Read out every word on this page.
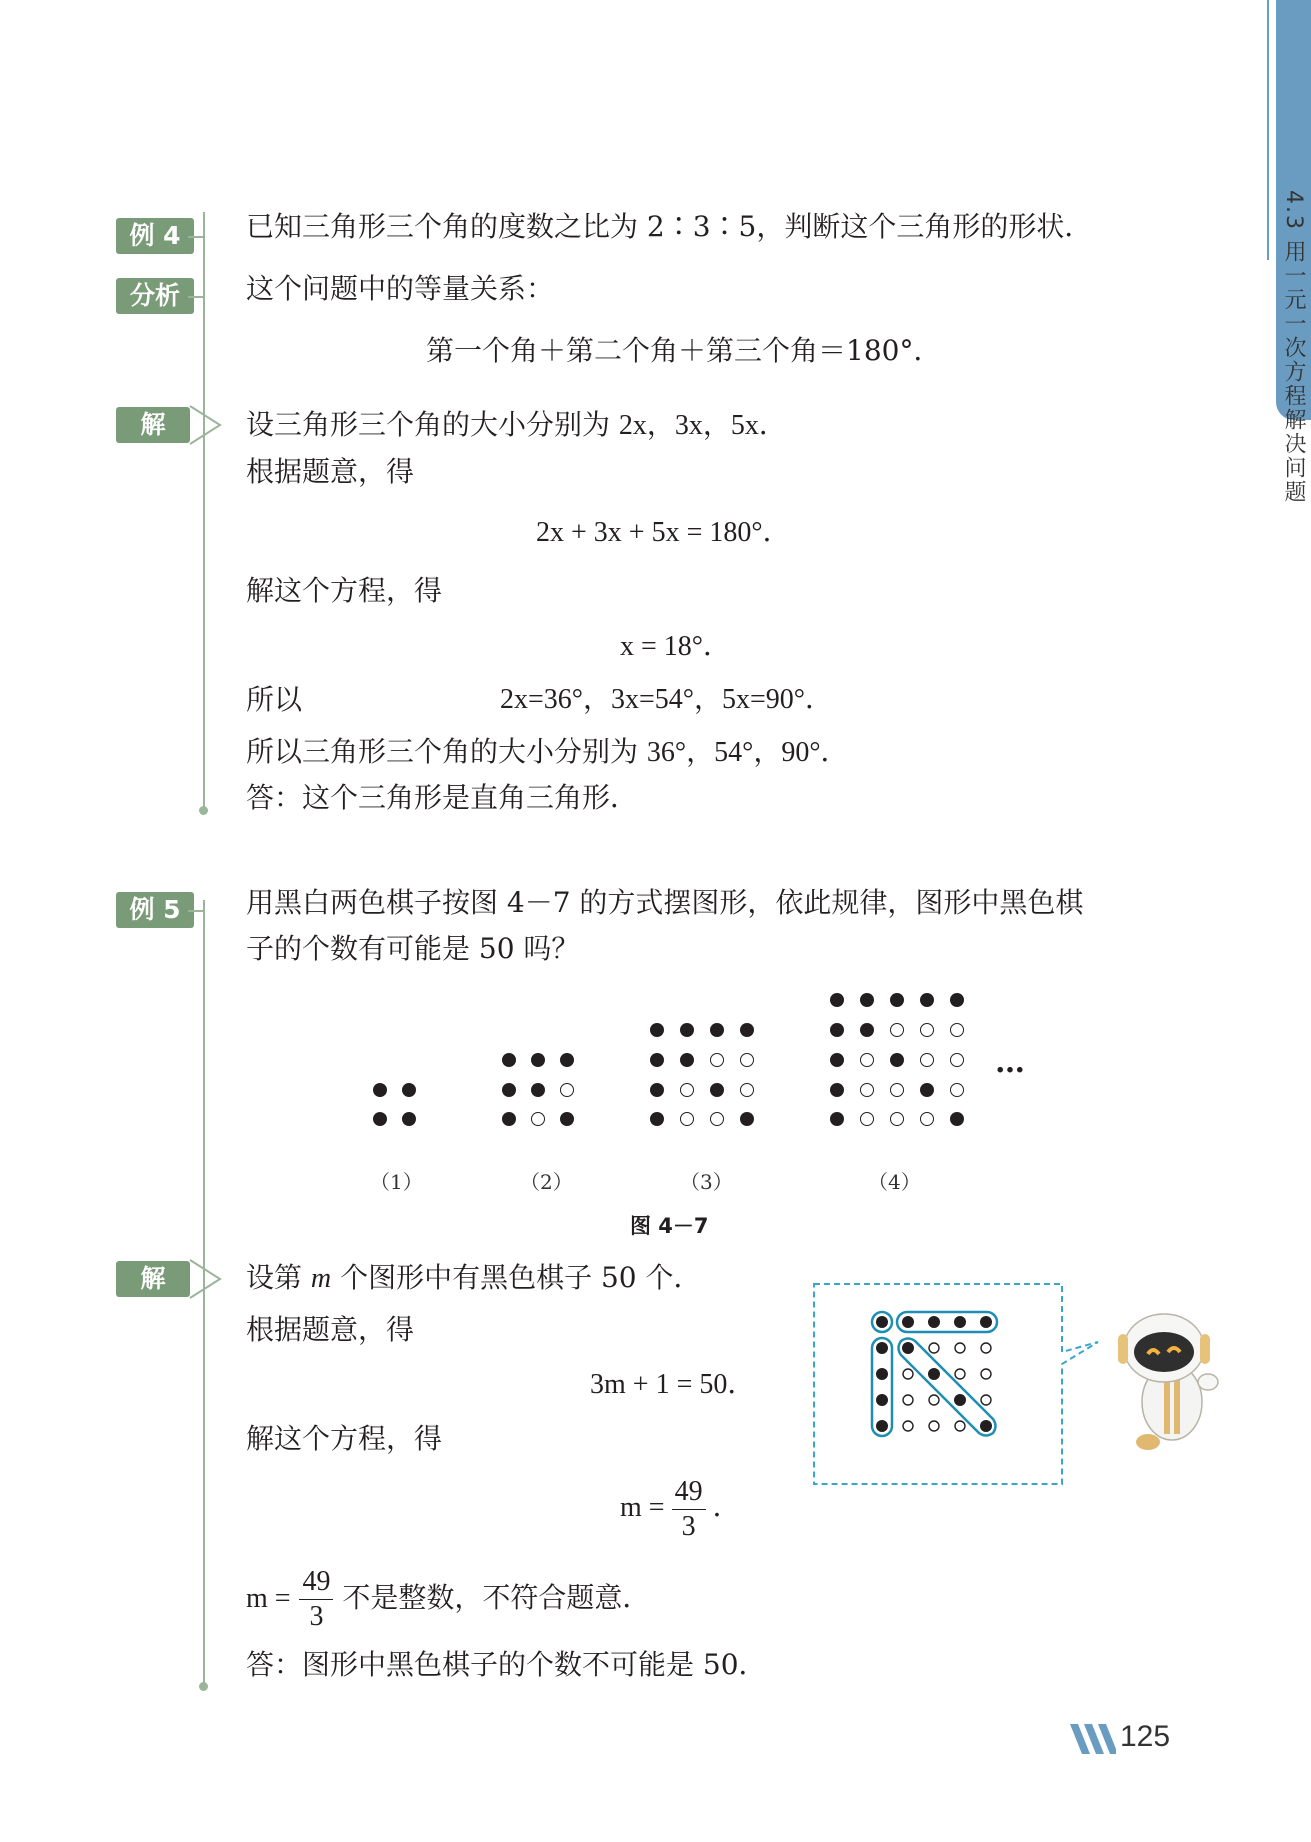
4.3 用一元一次方程解决问题
例 4	已知三角形三个角的度数之比为 2∶3∶5，判断这个三角形的形状．
分析	这个问题中的等量关系：
第一个角＋第二个角＋第三个角＝180°．
解	设三角形三个角的大小分别为 2x，3x，5x．
根据题意，得
2x + 3x + 5x = 180°．
解这个方程，得
x = 18°．
所以	2x=36°，3x=54°，5x=90°．
所以三角形三个角的大小分别为 36°，54°，90°．
答：这个三角形是直角三角形．
例 5	用黑白两色棋子按图 4－7 的方式摆图形，依此规律，图形中黑色棋
子的个数有可能是 50 吗？
…
（1）	（2）	（3）	（4）
图 4－7
解	设第 m 个图形中有黑色棋子 50 个．
根据题意，得
3m + 1 = 50．
解这个方程，得
$m = \frac{49}{3}$ ．
$m = \frac{49}{3}$ 不是整数，不符合题意．
答：图形中黑色棋子的个数不可能是 50．
125
